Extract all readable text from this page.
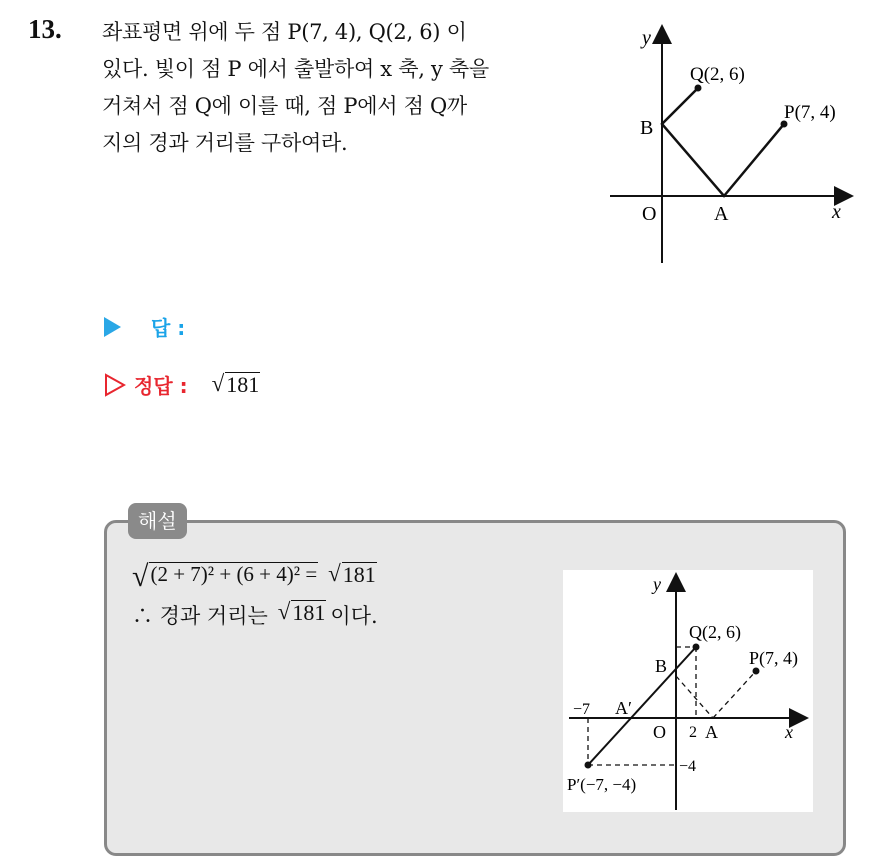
13. 좌표평면 위에 두 점 P(7, 4), Q(2, 6) 이
있다. 빛이 점 P 에서 출발하여 x 축, y 축을
거쳐서 점 Q에 이를 때, 점 P에서 점 Q까
지의 경과 거리를 구하여라.
y
x
O	A
B
Q(2, 6)
P(7, 4)
답 :
정답 : √ 181
해설
√ (2 + 7)² + (6 + 4)² = √ 181
∴ 경과 거리는 √ 181 이다.
y
x
O 2 A
A′
−7
B
Q(2, 6)
P(7, 4)
−4
P′(−7, −4)
